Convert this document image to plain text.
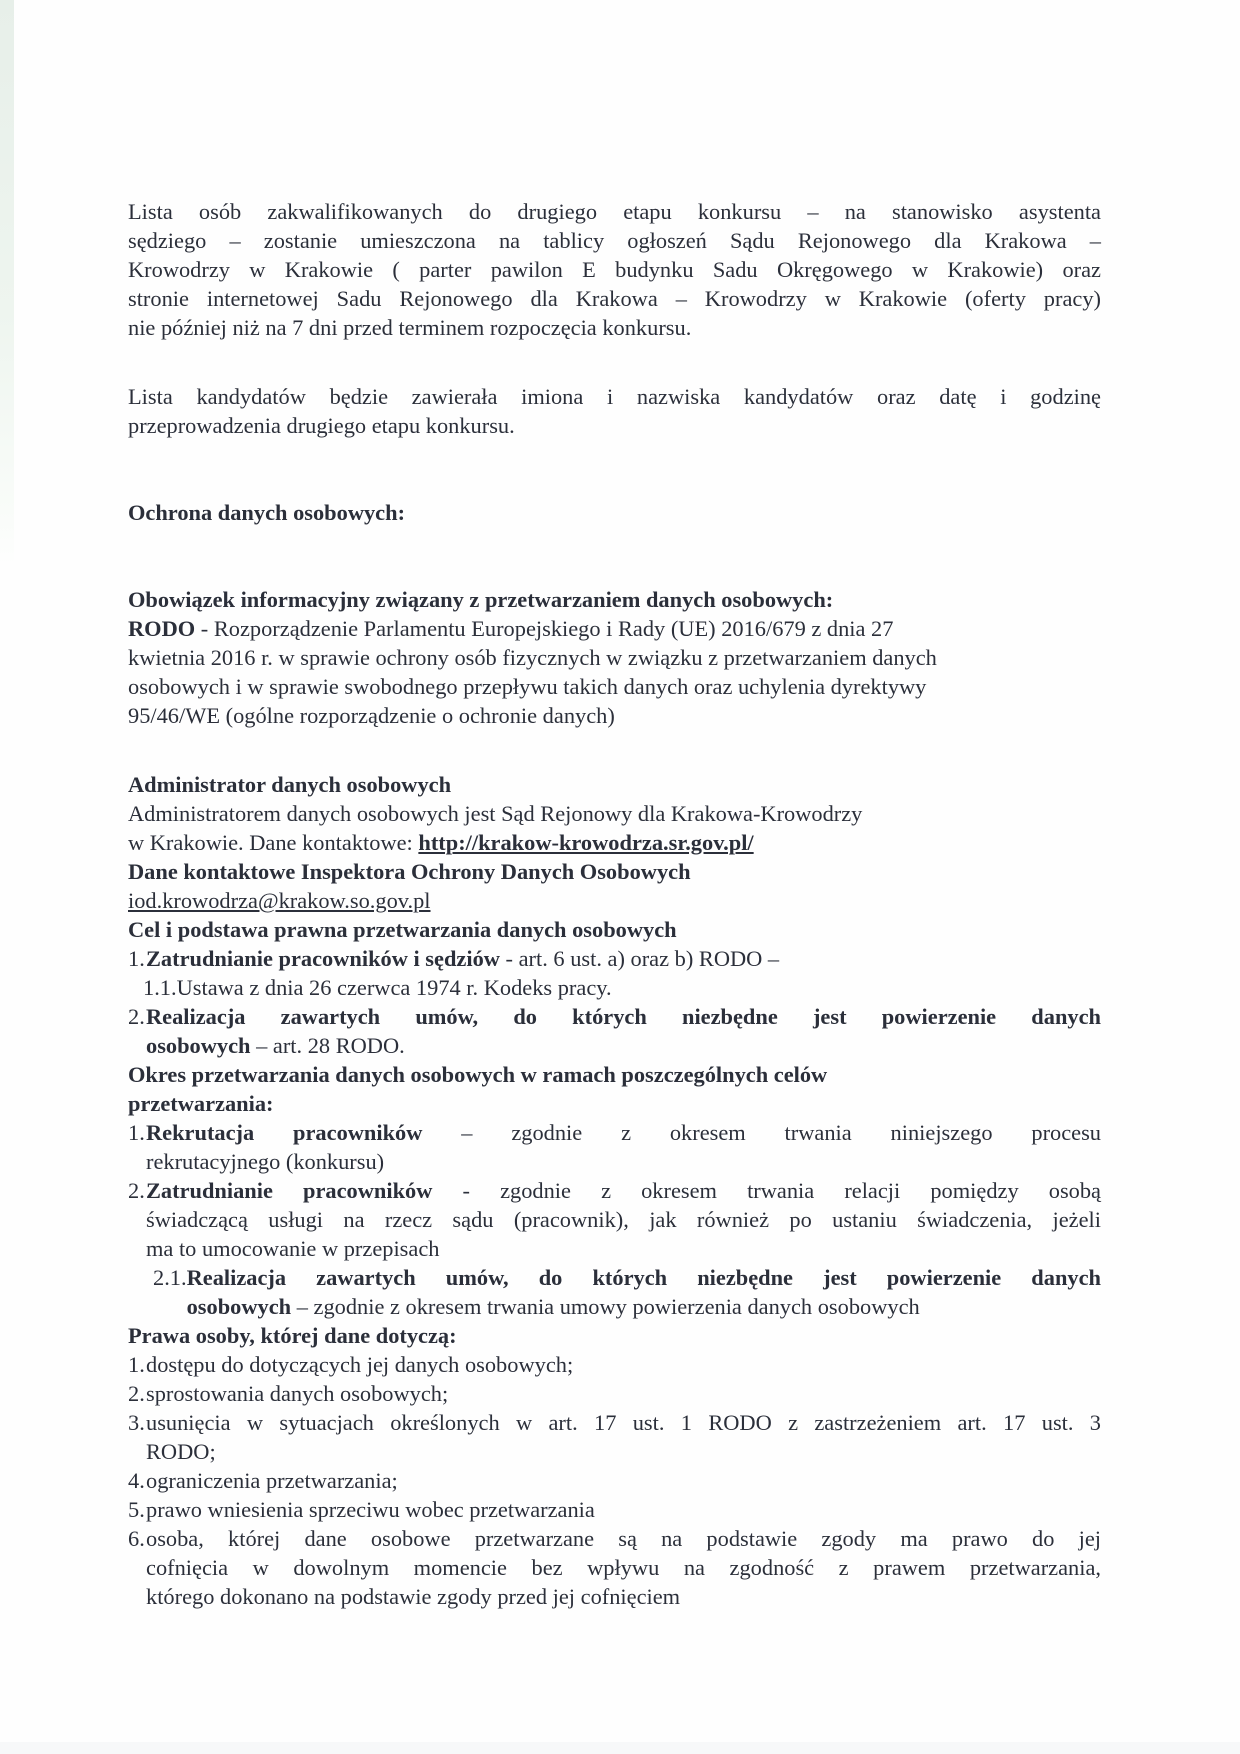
Lista osób zakwalifikowanych do drugiego etapu konkursu – na stanowisko asystenta
sędziego – zostanie umieszczona na tablicy ogłoszeń Sądu Rejonowego dla Krakowa –
Krowodrzy w Krakowie ( parter pawilon E budynku Sadu Okręgowego w Krakowie) oraz
stronie internetowej Sadu Rejonowego dla Krakowa – Krowodrzy w Krakowie (oferty pracy)
nie później niż na 7 dni przed terminem rozpoczęcia konkursu.
Lista kandydatów będzie zawierała imiona i nazwiska kandydatów oraz datę i godzinę
przeprowadzenia drugiego etapu konkursu.
Ochrona danych osobowych:
Obowiązek informacyjny związany z przetwarzaniem danych osobowych:
RODO - Rozporządzenie Parlamentu Europejskiego i Rady (UE) 2016/679 z dnia 27
kwietnia 2016 r. w sprawie ochrony osób fizycznych w związku z przetwarzaniem danych
osobowych i w sprawie swobodnego przepływu takich danych oraz uchylenia dyrektywy
95/46/WE (ogólne rozporządzenie o ochronie danych)
Administrator danych osobowych
Administratorem danych osobowych jest Sąd Rejonowy dla Krakowa-Krowodrzy
w Krakowie. Dane kontaktowe: http://krakow-krowodrza.sr.gov.pl/
Dane kontaktowe Inspektora Ochrony Danych Osobowych
iod.krowodrza@krakow.so.gov.pl
Cel i podstawa prawna przetwarzania danych osobowych
1. Zatrudnianie pracowników i sędziów - art. 6 ust. a) oraz b) RODO –
1.1. Ustawa z dnia 26 czerwca 1974 r. Kodeks pracy.
2. Realizacja zawartych umów, do których niezbędne jest powierzenie danych
osobowych – art. 28 RODO.
Okres przetwarzania danych osobowych w ramach poszczególnych celów
przetwarzania:
1. Rekrutacja pracowników – zgodnie z okresem trwania niniejszego procesu
rekrutacyjnego (konkursu)
2. Zatrudnianie pracowników - zgodnie z okresem trwania relacji pomiędzy osobą
świadczącą usługi na rzecz sądu (pracownik), jak również po ustaniu świadczenia, jeżeli
ma to umocowanie w przepisach
2.1. Realizacja zawartych umów, do których niezbędne jest powierzenie danych
osobowych – zgodnie z okresem trwania umowy powierzenia danych osobowych
Prawa osoby, której dane dotyczą:
1. dostępu do dotyczących jej danych osobowych;
2. sprostowania danych osobowych;
3. usunięcia w sytuacjach określonych w art. 17 ust. 1 RODO z zastrzeżeniem art. 17 ust. 3
RODO;
4. ograniczenia przetwarzania;
5. prawo wniesienia sprzeciwu wobec przetwarzania
6. osoba, której dane osobowe przetwarzane są na podstawie zgody ma prawo do jej
cofnięcia w dowolnym momencie bez wpływu na zgodność z prawem przetwarzania,
którego dokonano na podstawie zgody przed jej cofnięciem
